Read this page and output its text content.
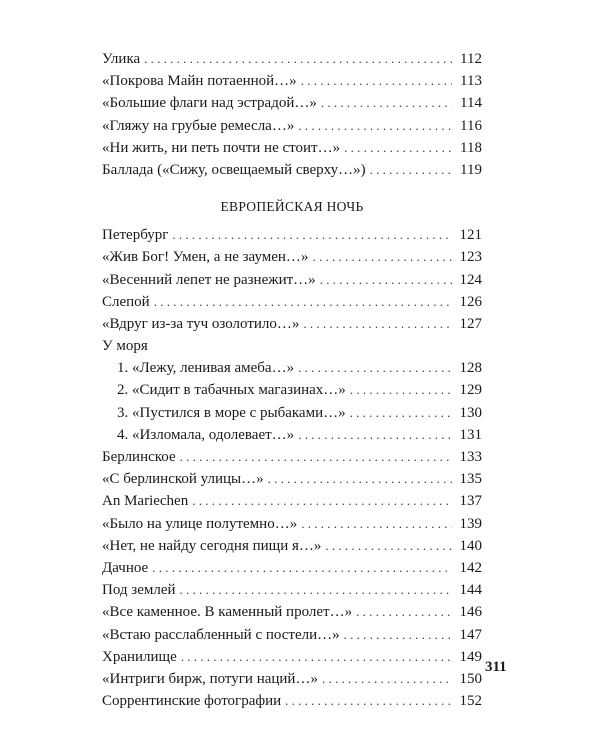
Улика . . .	112
«Покрова Майн потаенной…» . . .	113
«Большие флаги над эстрадой…» . . .	114
«Гляжу на грубые ремесла…» . . .	116
«Ни жить, ни петь почти не стоит…» . . .	118
Баллада («Сижу, освещаемый сверху…») . . .	119
ЕВРОПЕЙСКАЯ НОЧЬ
Петербург . . .	121
«Жив Бог! Умен, а не заумен…» . . .	123
«Весенний лепет не разнежит…» . . .	124
Слепой . . .	126
«Вдруг из-за туч озолотило…» . . .	127
У моря
1. «Лежу, ленивая амеба…» . . .	128
2. «Сидит в табачных магазинах…» . . .	129
3. «Пустился в море с рыбаками…» . . .	130
4. «Изломала, одолевает…» . . .	131
Берлинское . . .	133
«С берлинской улицы…» . . .	135
An Mariechen . . .	137
«Было на улице полутемно…» . . .	139
«Нет, не найду сегодня пищи я…» . . .	140
Дачное . . .	142
Под землей . . .	144
«Все каменное. В каменный пролет…» . . .	146
«Встаю расслабленный с постели…» . . .	147
Хранилище . . .	149
«Интриги бирж, потуги наций…» . . .	150
Соррентинские фотографии . . .	152
311
